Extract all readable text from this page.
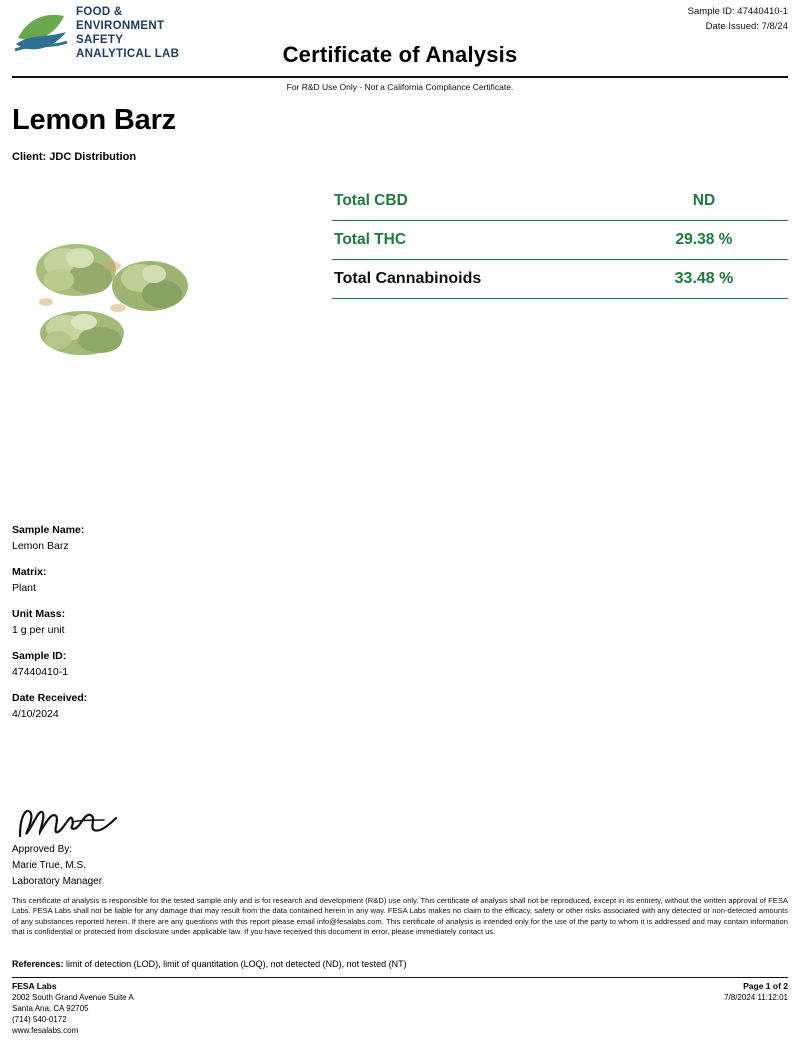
FOOD &
ENVIRONMENT
SAFETY
ANALYTICAL LAB	Certificate of Analysis
For R&D Use Only - Not a California Compliance Certificate.
Sample ID: 47440410-1
Date Issued: 7/8/24
Lemon Barz
Client: JDC Distribution
Total CBD	ND
Total THC	29.38 %
Total Cannabinoids	33.48 %
Sample Name:
Lemon Barz
Matrix:
Plant
Unit Mass:
1 g per unit
Sample ID:
47440410-1
Date Received:
4/10/2024
Approved By:
Marie True, M.S.
Laboratory Manager
This certificate of analysis is responsible for the tested sample only and is for research and development (R&D) use only. This certificate of analysis shall not be reproduced, except in its entirety, without the written approval of FESA Labs. FESA Labs shall not be liable for any damage that may result from the data contained herein in any way. FESA Labs makes no claim to the efficacy, safety or other risks associated with any detected or non-detected amounts of any substances reported herein. If there are any questions with this report please email info@fesalabs.com. This certificate of analysis is intended only for the use of the party to whom it is addressed and may contain information that is confidential or protected from disclosure under applicable law. If you have received this document in error, please immediately contact us.
References: limit of detection (LOD), limit of quantitation (LOQ), not detected (ND), not tested (NT)
FESA Labs
2002 South Grand Avenue Suite A
Santa Ana, CA 92705
(714) 540-0172
www.fesalabs.com
Page 1 of 2
7/8/2024 11:12:01
